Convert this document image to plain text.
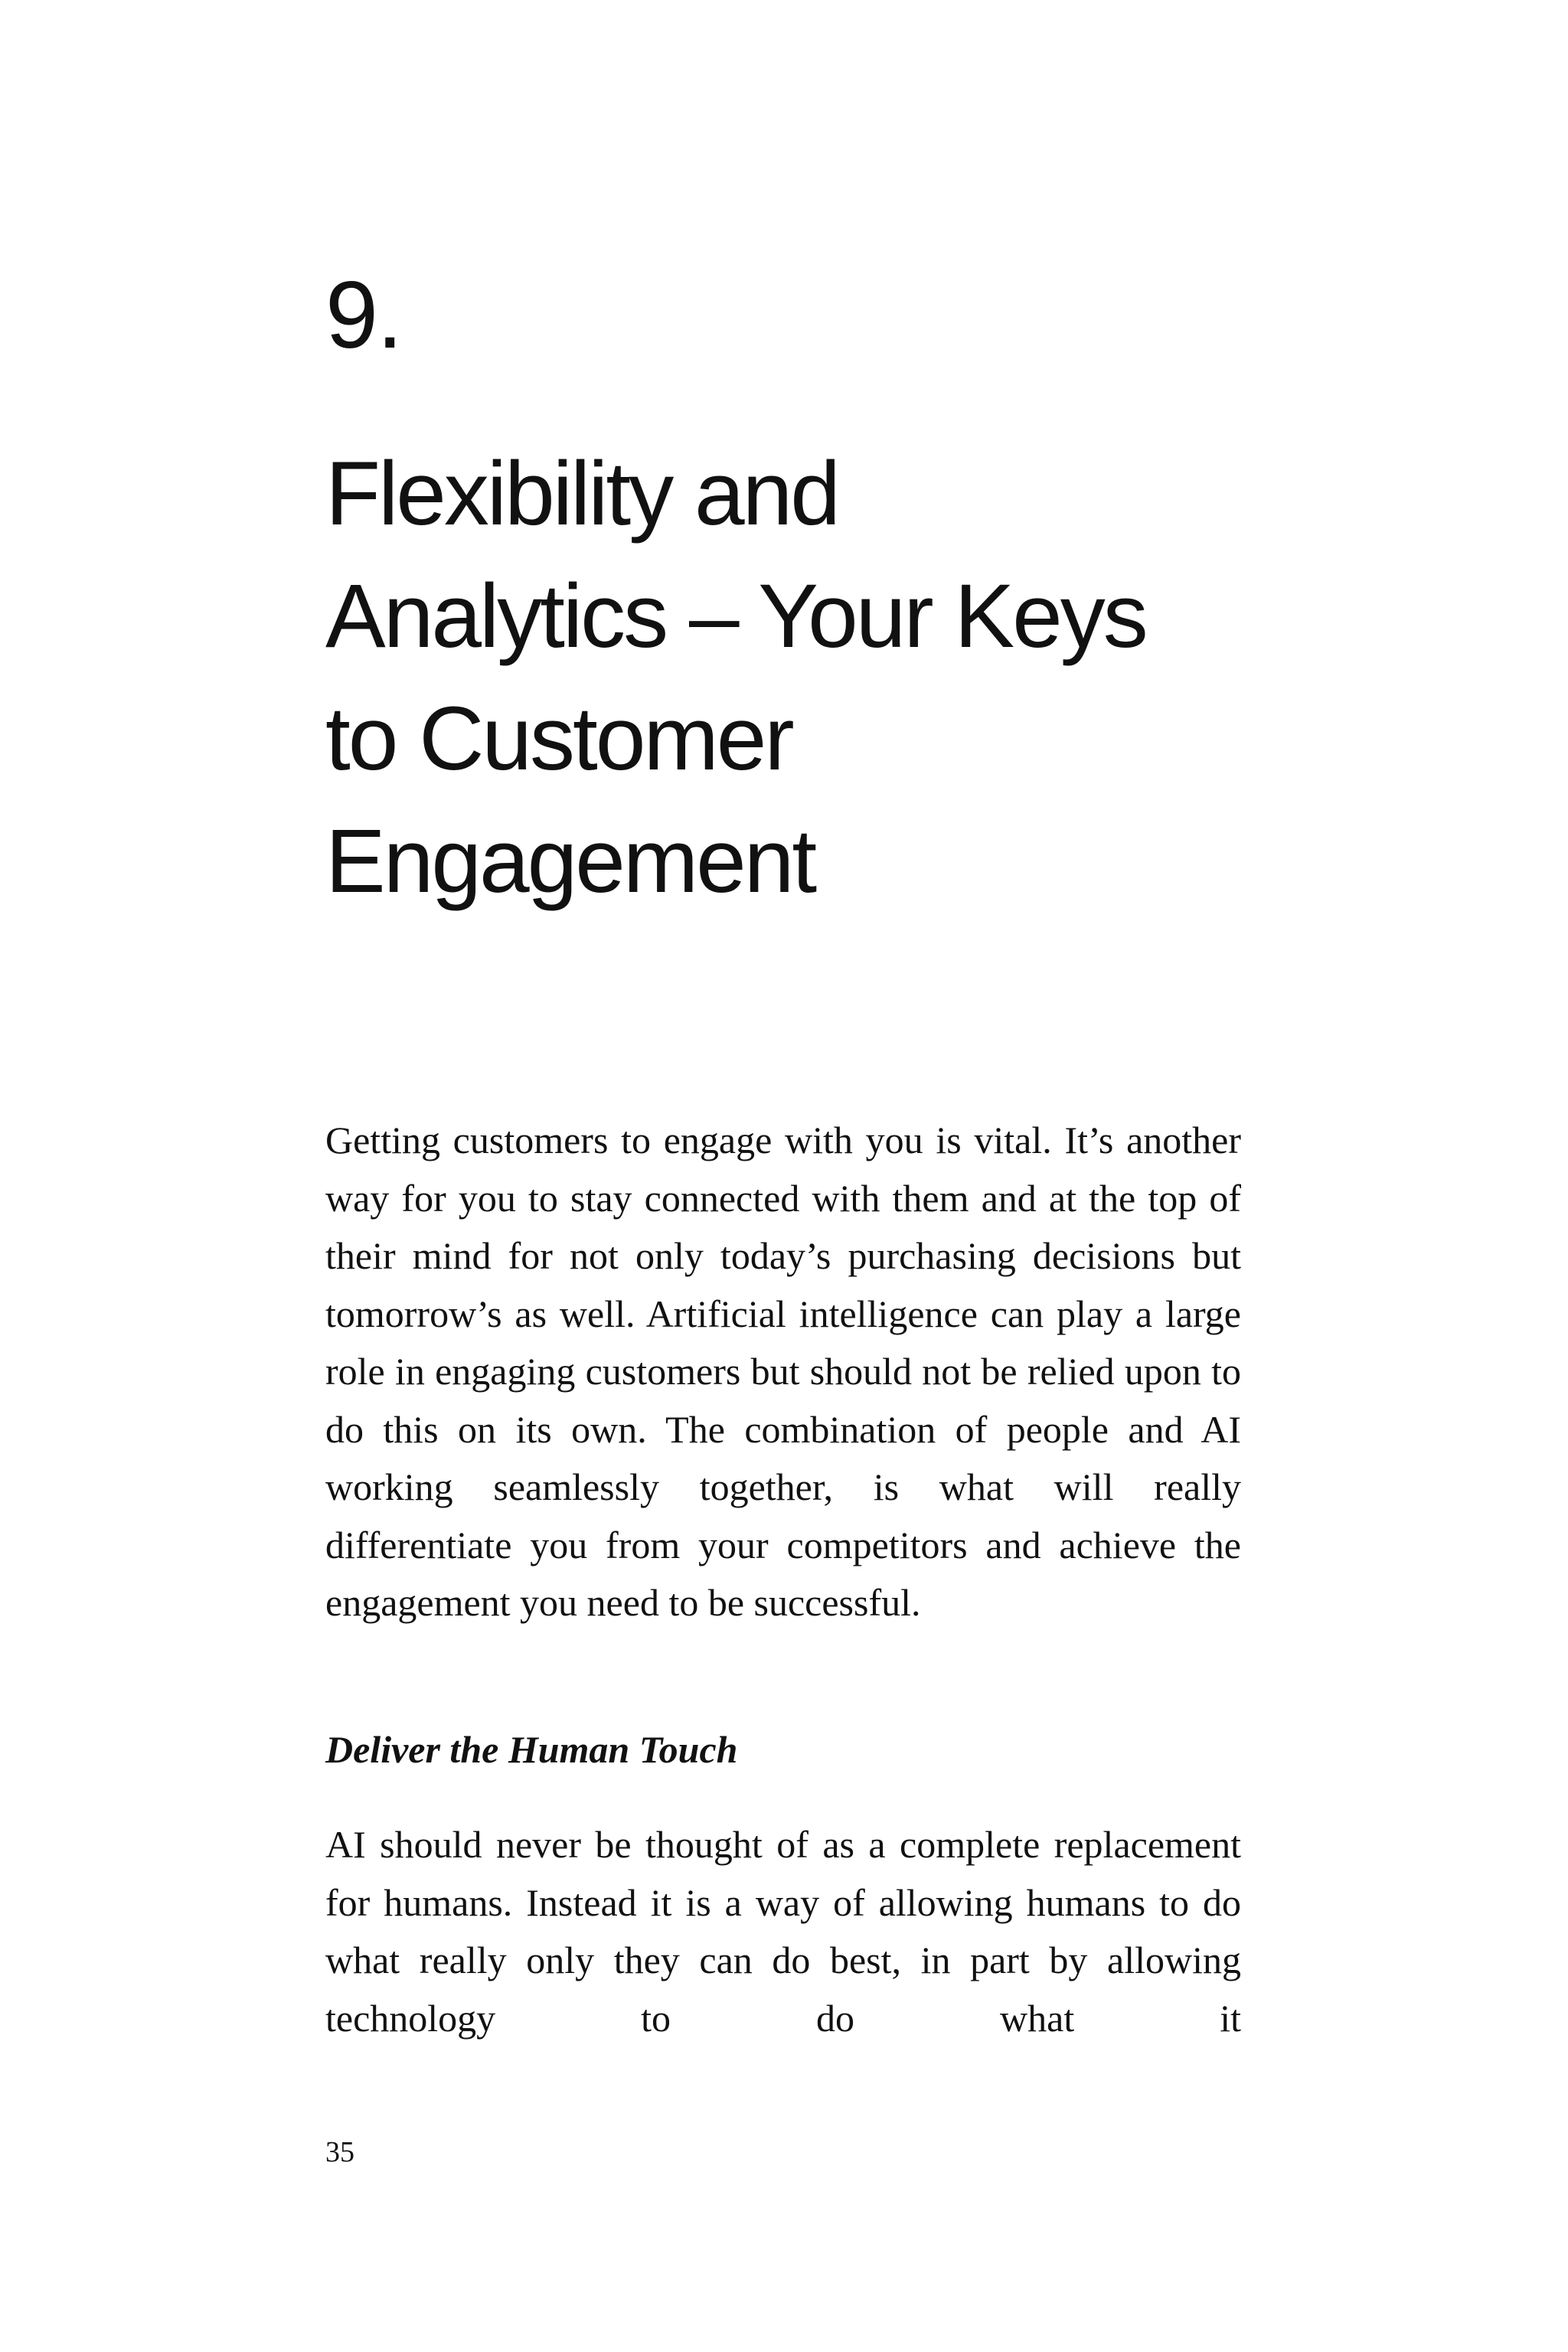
9.
Flexibility and
Analytics – Your Keys
to Customer
Engagement

Getting customers to engage with you is vital. It’s another way for you to stay connected with them and at the top of their mind for not only today’s purchasing decisions but tomorrow’s as well. Artificial intelligence can play a large role in engaging customers but should not be relied upon to do this on its own. The combination of people and AI working seamlessly together, is what will really differentiate you from your competitors and achieve the engagement you need to be successful.

Deliver the Human Touch

AI should never be thought of as a complete replacement for humans. Instead it is a way of allowing humans to do what really only they can do best, in part by allowing technology to do what it

35
